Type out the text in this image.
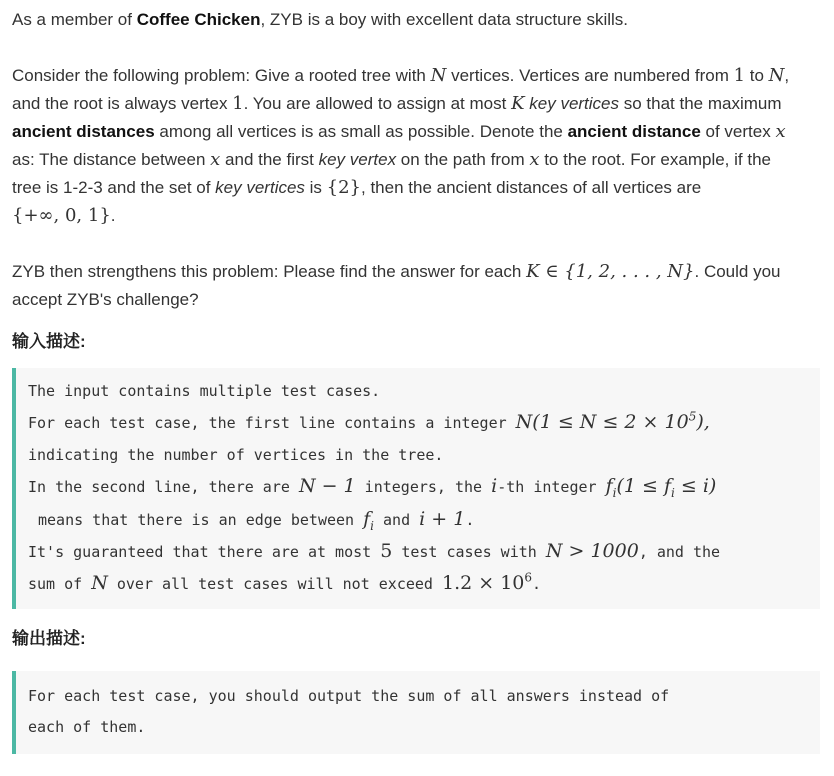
As a member of Coffee Chicken, ZYB is a boy with excellent data structure skills.

Consider the following problem: Give a rooted tree with N vertices. Vertices are numbered from 1 to N,
and the root is always vertex 1. You are allowed to assign at most K key vertices so that the maximum
ancient distances among all vertices is as small as possible. Denote the ancient distance of vertex x
as: The distance between x and the first key vertex on the path from x to the root. For example, if the
tree is 1-2-3 and the set of key vertices is {2}, then the ancient distances of all vertices are
{+∞, 0, 1}.

ZYB then strengthens this problem: Please find the answer for each K ∈ {1, 2, . . . , N}. Could you
accept ZYB's challenge?

输入描述:
The input contains multiple test cases.
For each test case, the first line contains a integer $N(1 \le N \le 2 \times 10^5)$,
indicating the number of vertices in the tree.
In the second line, there are N − 1 integers, the i-th integer $f_i(1 \le f_i \le i)$
means that there is an edge between $f_i$ and i + 1.
It's guaranteed that there are at most 5 test cases with N > 1000, and the
sum of N over all test cases will not exceed $1.2 \times 10^6$.
输出描述:
For each test case, you should output the sum of all answers instead of
each of them.
